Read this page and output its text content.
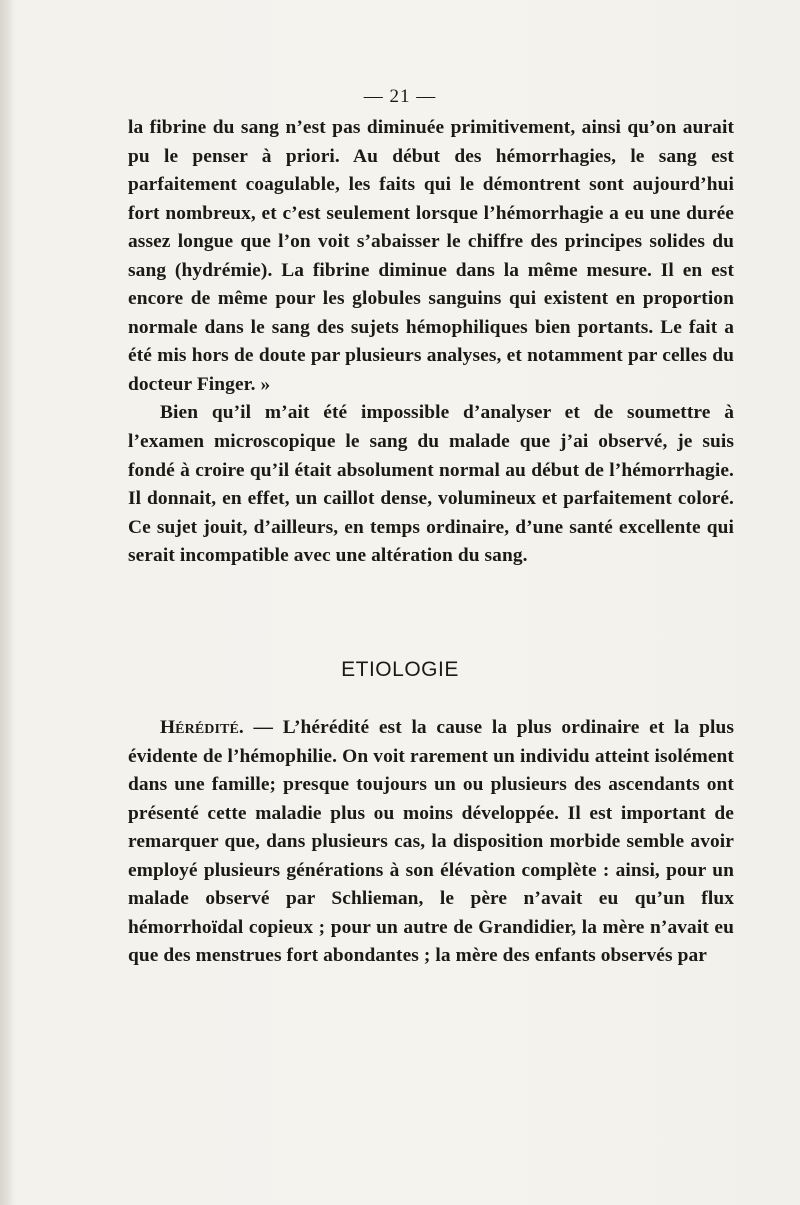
— 21 —

la fibrine du sang n’est pas diminuée primitivement, ainsi qu’on aurait pu le penser à priori. Au début des hémorrhagies, le sang est parfaitement coagulable, les faits qui le démontrent sont aujourd’hui fort nombreux, et c’est seulement lorsque l’hémorrhagie a eu une durée assez longue que l’on voit s’abaisser le chiffre des principes solides du sang (hydrémie). La fibrine diminue dans la même mesure. Il en est encore de même pour les globules sanguins qui existent en proportion normale dans le sang des sujets hémophiliques bien portants. Le fait a été mis hors de doute par plusieurs analyses, et notamment par celles du docteur Finger. »

Bien qu’il m’ait été impossible d’analyser et de soumettre à l’examen microscopique le sang du malade que j’ai observé, je suis fondé à croire qu’il était absolument normal au début de l’hémorrhagie. Il donnait, en effet, un caillot dense, volumineux et parfaitement coloré. Ce sujet jouit, d’ailleurs, en temps ordinaire, d’une santé excellente qui serait incompatible avec une altération du sang.

ETIOLOGIE

Hérédité. — L’hérédité est la cause la plus ordinaire et la plus évidente de l’hémophilie. On voit rarement un individu atteint isolément dans une famille; presque toujours un ou plusieurs des ascendants ont présenté cette maladie plus ou moins développée. Il est important de remarquer que, dans plusieurs cas, la disposition morbide semble avoir employé plusieurs générations à son élévation complète : ainsi, pour un malade observé par Schlieman, le père n’avait eu qu’un flux hémorrhoïdal copieux ; pour un autre de Grandidier, la mère n’avait eu que des menstrues fort abondantes ; la mère des enfants observés par
